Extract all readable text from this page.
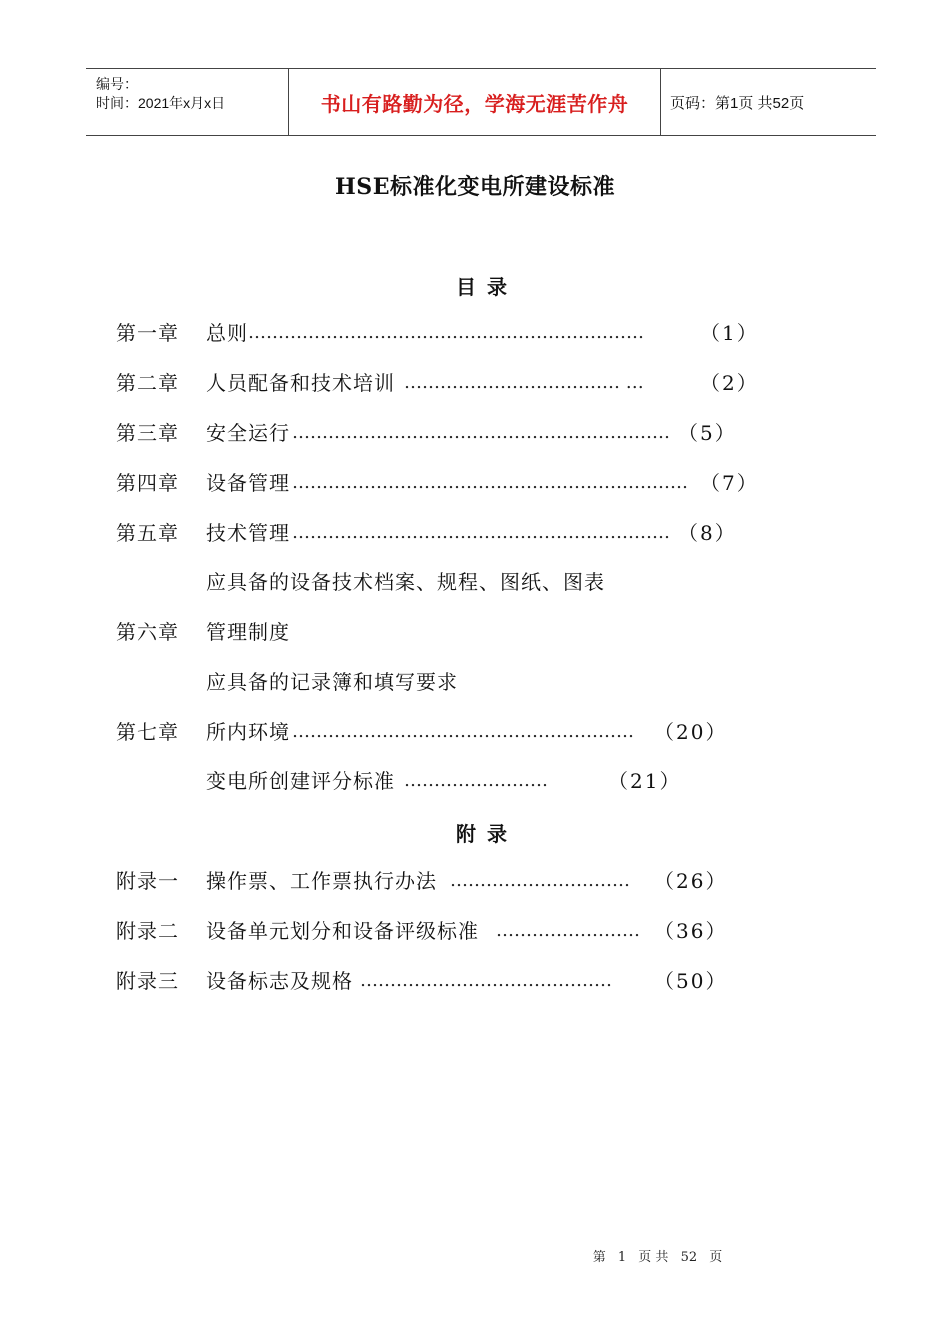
编号：
时间：2021年x月x日	书山有路勤为径，学海无涯苦作舟	页码：第1页 共52页
HSE标准化变电所建设标准
目 录
第一章 总则 …………………………………………………………	（1）
第二章 人员配备和技术培训 ……………………………… …	（2）
第三章 安全运行 ……………………………………………………… （5）
第四章 设备管理 ………………………………………………………… （7）
第五章 技术管理 ……………………………………………………… （8）
应具备的设备技术档案、规程、图纸、图表
第六章 管理制度
应具备的记录簿和填写要求
第七章 所内环境 ………………………………………………… （20）
变电所创建评分标准 ……………………	（21）
附 录
附录一 操作票、工作票执行办法 ………………………… （26）
附录二 设备单元划分和设备评级标准 …………………… （36）
附录三 设备标志及规格 …………………………………… （50）
第 1 页 共 52 页
